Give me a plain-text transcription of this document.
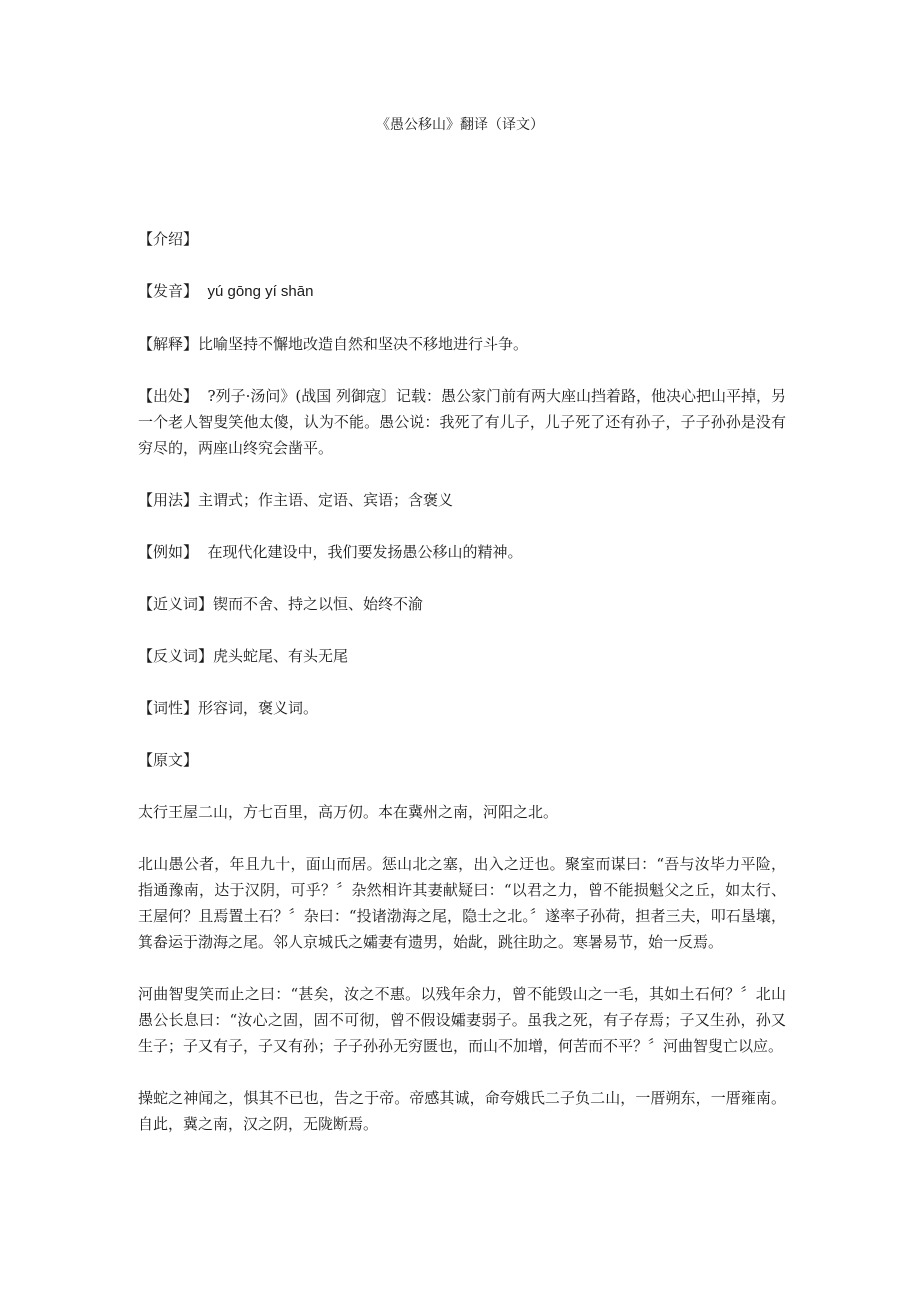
《愚公移山》翻译（译文）

【介绍】

【发音】  yú gōng yí shān

【解释】比喻坚持不懈地改造自然和坚决不移地进行斗争。

【出处】  ?列子·汤问》(战国 列御寇〕记载：愚公家门前有两大座山挡着路，他决心把山平掉，另一个老人智叟笑他太傻，认为不能。愚公说：我死了有儿子，儿子死了还有孙子，子子孙孙是没有穷尽的，两座山终究会凿平。

【用法】主谓式；作主语、定语、宾语；含褒义

【例如】  在现代化建设中，我们要发扬愚公移山的精神。

【近义词】锲而不舍、持之以恒、始终不渝

【反义词】虎头蛇尾、有头无尾

【词性】形容词，褒义词。

【原文】

太行王屋二山，方七百里，高万仞。本在冀州之南，河阳之北。

北山愚公者，年且九十，面山而居。惩山北之塞，出入之迂也。聚室而谋曰：“吾与汝毕力平险，指通豫南，达于汉阴，可乎？〞杂然相许其妻献疑曰：“以君之力，曾不能损魁父之丘，如太行、王屋何？且焉置土石？〞杂曰：“投诸渤海之尾，隐士之北。〞遂率子孙荷，担者三夫，叩石垦壤，箕畚运于渤海之尾。邻人京城氏之孀妻有遗男，始龀，跳往助之。寒暑易节，始一反焉。

河曲智叟笑而止之曰：“甚矣，汝之不惠。以残年余力，曾不能毁山之一毛，其如土石何？〞北山愚公长息曰：“汝心之固，固不可彻，曾不假设孀妻弱子。虽我之死，有子存焉；子又生孙，孙又生子；子又有子，子又有孙；子子孙孙无穷匮也，而山不加增，何苦而不平？〞河曲智叟亡以应。

操蛇之神闻之，惧其不已也，告之于帝。帝感其诚，命夸娥氏二子负二山，一厝朔东，一厝雍南。自此，冀之南，汉之阴，无陇断焉。
